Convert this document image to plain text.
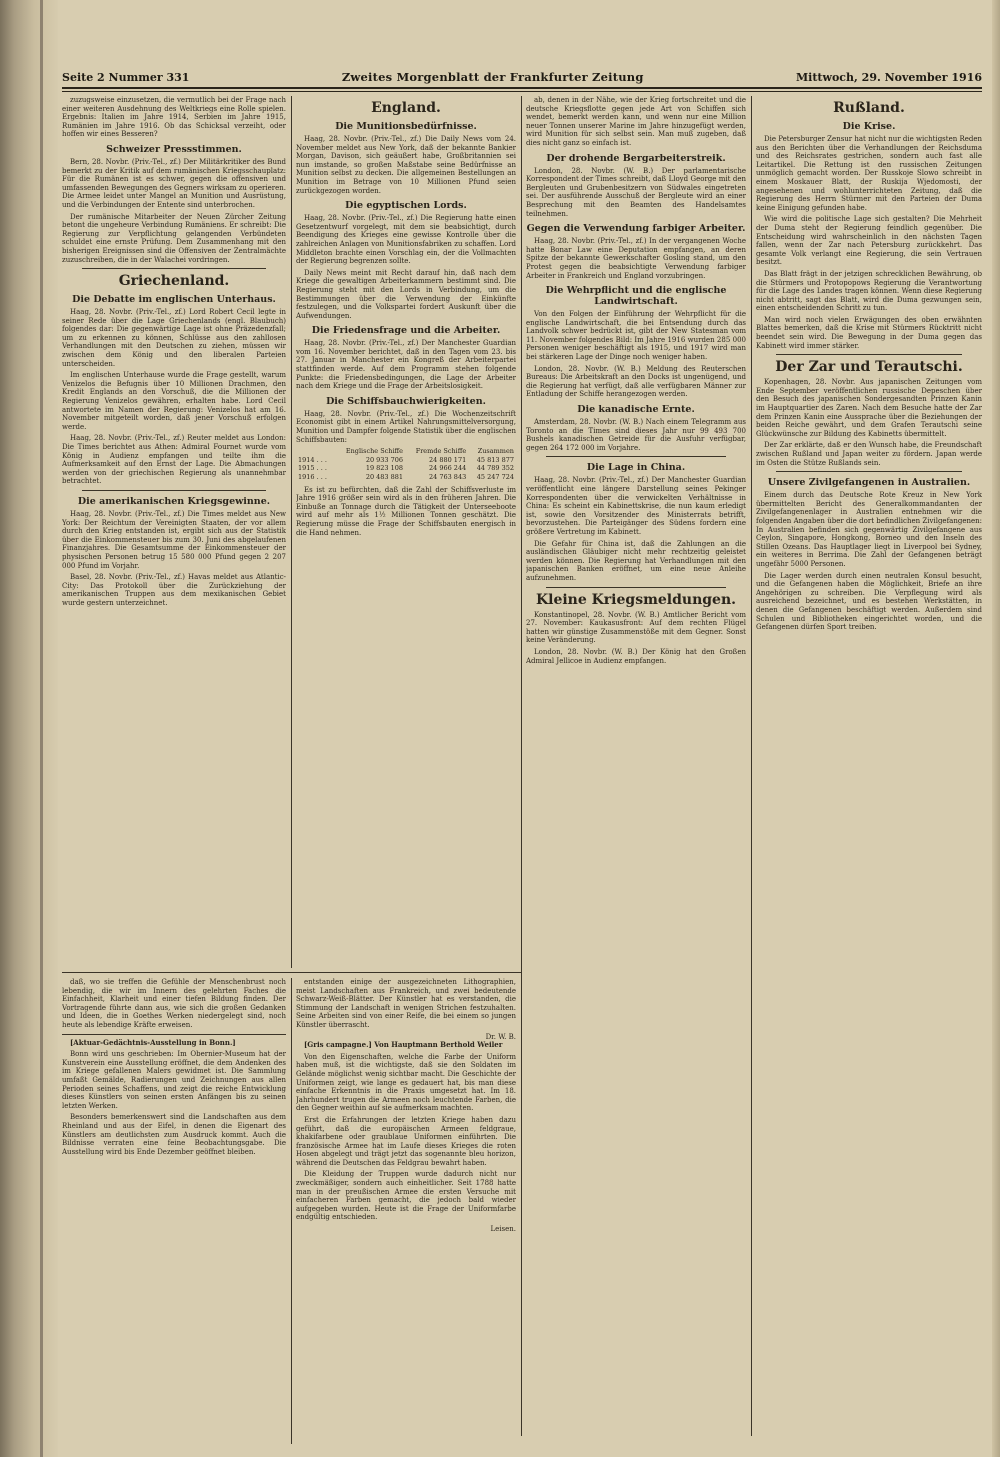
Seite 2 Nummer 331	Zweites Morgenblatt der Frankfurter Zeitung	Mittwoch, 29. November 1916

zuzugsweise einzusetzen, die vermutlich bei der Frage nach einer weiteren Ausdehnung des Weltkriegs eine Rolle spielen. Ergebnis: Italien im Jahre 1914, Serbien im Jahre 1915, Rumänien im Jahre 1916. Ob das Schicksal verzeiht, oder hoffen wir eines Besseren?

Schweizer Pressstimmen.

Bern, 28. Novbr. (Priv.-Tel., zf.) Der Militärkritiker des Bund bemerkt zu der Kritik auf dem rumänischen Kriegsschauplatz: Für die Rumänen ist es schwer, gegen die offensiven und umfassenden Bewegungen des Gegners wirksam zu operieren. Die Armee leidet unter Mangel an Munition und Ausrüstung, und die Verbindungen der Entente sind unterbrochen.

Der rumänische Mitarbeiter der Neuen Zürcher Zeitung betont die ungeheure Verbindung Rumäniens. Er schreibt: Die Regierung zur Verpflichtung gelangenden Verbündeten schuldet eine ernste Prüfung. Dem Zusammenhang mit den bisherigen Ereignissen sind die Offensiven der Zentralmächte zuzuschreiben, die in der Walachei vordringen.

Griechenland.
Die Debatte im englischen Unterhaus.

Haag, 28. Novbr. (Priv.-Tel., zf.) Lord Robert Cecil legte in seiner Rede über die Lage Griechenlands (engl. Blaubuch) folgendes dar: Die gegenwärtige Lage ist ohne Präzedenzfall; um zu erkennen zu können, Schlüsse aus den zahllosen Verhandlungen mit den Deutschen zu ziehen, müssen wir zwischen dem König und den liberalen Parteien unterscheiden.

Im englischen Unterhause wurde die Frage gestellt, warum Venizelos die Befugnis über 10 Millionen Drachmen, den Kredit Englands an den Vorschuß, die die Millionen der Regierung Venizelos gewähren, erhalten habe. Lord Cecil antwortete im Namen der Regierung: Venizelos hat am 16. November mitgeteilt worden, daß jener Vorschuß erfolgen werde.

Haag, 28. Novbr. (Priv.-Tel., zf.) Reuter meldet aus London: Die Times berichtet aus Athen: Admiral Fournet wurde vom König in Audienz empfangen und teilte ihm die Aufmerksamkeit auf den Ernst der Lage. Die Abmachungen werden von der griechischen Regierung als unannehmbar betrachtet.

Die amerikanischen Kriegsgewinne.

Haag, 28. Novbr. (Priv.-Tel., zf.) Die Times meldet aus New York: Der Reichtum der Vereinigten Staaten, der vor allem durch den Krieg entstanden ist, ergibt sich aus der Statistik über die Einkommensteuer bis zum 30. Juni des abgelaufenen Finanzjahres. Die Gesamtsumme der Einkommensteuer der physischen Personen betrug 15 580 000 Pfund gegen 2 207 000 Pfund im Vorjahr.

Basel, 28. Novbr. (Priv.-Tel., zf.) Havas meldet aus Atlantic-City: Das Protokoll über die Zurückziehung der amerikanischen Truppen aus dem mexikanischen Gebiet wurde gestern unterzeichnet.

England.
Die Munitionsbedürfnisse.

Haag, 28. Novbr. (Priv.-Tel., zf.) Die Daily News vom 24. November meldet aus New York, daß der bekannte Bankier Morgan, Davison, sich geäußert habe, Großbritannien sei nun imstande, so großen Maßstabe seine Bedürfnisse an Munition selbst zu decken. Die allgemeinen Bestellungen an Munition im Betrage von 10 Millionen Pfund seien zurückgezogen worden.

Die egyptischen Lords.

Haag, 28. Novbr. (Priv.-Tel., zf.) Die Regierung hatte einen Gesetzentwurf vorgelegt, mit dem sie beabsichtigt, durch Beendigung des Krieges eine gewisse Kontrolle über die zahlreichen Anlagen von Munitionsfabriken zu schaffen. Lord Middleton brachte einen Vorschlag ein, der die Vollmachten der Regierung begrenzen sollte.

Daily News meint mit Recht darauf hin, daß nach dem Kriege die gewaltigen Arbeiterkammern bestimmt sind. Die Regierung steht mit den Lords in Verbindung, um die Bestimmungen über die Verwendung der Einkünfte festzulegen, und die Volkspartei fordert Auskunft über die Aufwendungen.

Die Friedensfrage und die Arbeiter.

Haag, 28. Novbr. (Priv.-Tel., zf.) Der Manchester Guardian vom 16. November berichtet, daß in den Tagen vom 23. bis 27. Januar in Manchester ein Kongreß der Arbeiterpartei stattfinden werde. Auf dem Programm stehen folgende Punkte: die Friedensbedingungen, die Lage der Arbeiter nach dem Kriege und die Frage der Arbeitslosigkeit.

Die Schiffsbauchwierigkeiten.

Haag, 28. Novbr. (Priv.-Tel., zf.) Die Wochenzeitschrift Economist gibt in einem Artikel Nahrungsmittelversorgung, Munition und Dampfer folgende Statistik über die englischen Schiffsbauten:

	Englische Schiffe	Fremde Schiffe	Zusammen
1914 . . .	20 933 706	24 880 171	45 813 877
1915 . . .	19 823 108	24 966 244	44 789 352
1916 . . .	20 483 881	24 763 843	45 247 724

Es ist zu befürchten, daß die Zahl der Schiffsverluste im Jahre 1916 größer sein wird als in den früheren Jahren. Die Einbuße an Tonnage durch die Tätigkeit der Unterseeboote wird auf mehr als 1½ Millionen Tonnen geschätzt. Die Regierung müsse die Frage der Schiffsbauten energisch in die Hand nehmen.

ab, denen in der Nähe, wie der Krieg fortschreitet und die deutsche Kriegsflotte gegen jede Art von Schiffen sich wendet, bemerkt werden kann, und wenn nur eine Million neuer Tonnen unserer Marine im Jahre hinzugefügt werden, wird Munition für sich selbst sein. Man muß zugeben, daß dies nicht ganz so einfach ist.

Der drohende Bergarbeiterstreik.

London, 28. Novbr. (W. B.) Der parlamentarische Korrespondent der Times schreibt, daß Lloyd George mit den Bergleuten und Grubenbesitzern von Südwales eingetreten sei. Der ausführende Ausschuß der Bergleute wird an einer Besprechung mit den Beamten des Handelsamtes teilnehmen.

Gegen die Verwendung farbiger Arbeiter.

Haag, 28. Novbr. (Priv.-Tel., zf.) In der vergangenen Woche hatte Bonar Law eine Deputation empfangen, an deren Spitze der bekannte Gewerkschafter Gosling stand, um den Protest gegen die beabsichtigte Verwendung farbiger Arbeiter in Frankreich und England vorzubringen.

Die Wehrpflicht und die englische Landwirtschaft.

Von den Folgen der Einführung der Wehrpflicht für die englische Landwirtschaft, die bei Entsendung durch das Landvolk schwer bedrückt ist, gibt der New Statesman vom 11. November folgendes Bild: Im Jahre 1916 wurden 285 000 Personen weniger beschäftigt als 1915, und 1917 wird man bei stärkeren Lage der Dinge noch weniger haben.

London, 28. Novbr. (W. B.) Meldung des Reuterschen Bureaus: Die Arbeitskraft an den Docks ist ungenügend, und die Regierung hat verfügt, daß alle verfügbaren Männer zur Entladung der Schiffe herangezogen werden.

Die kanadische Ernte.

Amsterdam, 28. Novbr. (W. B.) Nach einem Telegramm aus Toronto an die Times sind dieses Jahr nur 99 493 700 Bushels kanadischen Getreide für die Ausfuhr verfügbar, gegen 264 172 000 im Vorjahre.

Die Lage in China.

Haag, 28. Novbr. (Priv.-Tel., zf.) Der Manchester Guardian veröffentlicht eine längere Darstellung seines Pekinger Korrespondenten über die verwickelten Verhältnisse in China: Es scheint ein Kabinettskrise, die nun kaum erledigt ist, sowie den Vorsitzender des Ministerrats betrifft, bevorzustehen. Die Parteigänger des Südens fordern eine größere Vertretung im Kabinett.

Die Gefahr für China ist, daß die Zahlungen an die ausländischen Gläubiger nicht mehr rechtzeitig geleistet werden können. Die Regierung hat Verhandlungen mit den japanischen Banken eröffnet, um eine neue Anleihe aufzunehmen.

Kleine Kriegsmeldungen.

Konstantinopel, 28. Novbr. (W. B.) Amtlicher Bericht vom 27. November: Kaukasusfront: Auf dem rechten Flügel hatten wir günstige Zusammenstöße mit dem Gegner. Sonst keine Veränderung.

London, 28. Novbr. (W. B.) Der König hat den Großen Admiral Jellicoe in Audienz empfangen.

Rußland.
Die Krise.

Die Petersburger Zensur hat nicht nur die wichtigsten Reden aus den Berichten über die Verhandlungen der Reichsduma und des Reichsrates gestrichen, sondern auch fast alle Leitartikel. Die Rettung ist den russischen Zeitungen unmöglich gemacht worden. Der Russkoje Slowo schreibt in einem Moskauer Blatt, der Ruskija Wjedomosti, der angesehenen und wohlunterrichteten Zeitung, daß die Regierung des Herrn Stürmer mit den Parteien der Duma keine Einigung gefunden habe.

Wie wird die politische Lage sich gestalten? Die Mehrheit der Duma steht der Regierung feindlich gegenüber. Die Entscheidung wird wahrscheinlich in den nächsten Tagen fallen, wenn der Zar nach Petersburg zurückkehrt. Das gesamte Volk verlangt eine Regierung, die sein Vertrauen besitzt.

Das Blatt frägt in der jetzigen schrecklichen Bewährung, ob die Stürmers und Protopopows Regierung die Verantwortung für die Lage des Landes tragen können. Wenn diese Regierung nicht abtritt, sagt das Blatt, wird die Duma gezwungen sein, einen entscheidenden Schritt zu tun.

Man wird noch vielen Erwägungen des oben erwähnten Blattes bemerken, daß die Krise mit Stürmers Rücktritt nicht beendet sein wird. Die Bewegung in der Duma gegen das Kabinett wird immer stärker.

Der Zar und Terautschi.

Kopenhagen, 28. Novbr. Aus japanischen Zeitungen vom Ende September veröffentlichen russische Depeschen über den Besuch des japanischen Sondergesandten Prinzen Kanin im Hauptquartier des Zaren. Nach dem Besuche hatte der Zar dem Prinzen Kanin eine Aussprache über die Beziehungen der beiden Reiche gewährt, und dem Grafen Terautschi seine Glückwünsche zur Bildung des Kabinetts übermittelt.

Der Zar erklärte, daß er den Wunsch habe, die Freundschaft zwischen Rußland und Japan weiter zu fördern. Japan werde im Osten die Stütze Rußlands sein.

Unsere Zivilgefangenen in Australien.

Einem durch das Deutsche Rote Kreuz in New York übermittelten Bericht des Generalkommandanten der Zivilgefangenenlager in Australien entnehmen wir die folgenden Angaben über die dort befindlichen Zivilgefangenen: In Australien befinden sich gegenwärtig Zivilgefangene aus Ceylon, Singapore, Hongkong, Borneo und den Inseln des Stillen Ozeans. Das Hauptlager liegt in Liverpool bei Sydney, ein weiteres in Berrima. Die Zahl der Gefangenen beträgt ungefähr 5000 Personen.

Die Lager werden durch einen neutralen Konsul besucht, und die Gefangenen haben die Möglichkeit, Briefe an ihre Angehörigen zu schreiben. Die Verpflegung wird als ausreichend bezeichnet, und es bestehen Werkstätten, in denen die Gefangenen beschäftigt werden. Außerdem sind Schulen und Bibliotheken eingerichtet worden, und die Gefangenen dürfen Sport treiben.

daß, wo sie treffen die Gefühle der Menschenbrust noch lebendig, die wir im Innern des gelehrten Faches die Einfachheit, Klarheit und einer tiefen Bildung finden. Der Vortragende führte dann aus, wie sich die großen Gedanken und Ideen, die in Goethes Werken niedergelegt sind, noch heute als lebendige Kräfte erweisen.

[Aktuar-Gedächtnis-Ausstellung in Bonn.]

Bonn wird uns geschrieben: Im Obernier-Museum hat der Kunstverein eine Ausstellung eröffnet, die dem Andenken des im Kriege gefallenen Malers gewidmet ist. Die Sammlung umfaßt Gemälde, Radierungen und Zeichnungen aus allen Perioden seines Schaffens, und zeigt die reiche Entwicklung dieses Künstlers von seinen ersten Anfängen bis zu seinen letzten Werken.

Besonders bemerkenswert sind die Landschaften aus dem Rheinland und aus der Eifel, in denen die Eigenart des Künstlers am deutlichsten zum Ausdruck kommt. Auch die Bildnisse verraten eine feine Beobachtungsgabe. Die Ausstellung wird bis Ende Dezember geöffnet bleiben.

entstanden einige der ausgezeichneten Lithographien, meist Landschaften aus Frankreich, und zwei bedeutende Schwarz-Weiß-Blätter. Der Künstler hat es verstanden, die Stimmung der Landschaft in wenigen Strichen festzuhalten. Seine Arbeiten sind von einer Reife, die bei einem so jungen Künstler überrascht.

Dr. W. B.

[Gris campagne.] Von Hauptmann Berthold Weiler

Von den Eigenschaften, welche die Farbe der Uniform haben muß, ist die wichtigste, daß sie den Soldaten im Gelände möglichst wenig sichtbar macht. Die Geschichte der Uniformen zeigt, wie lange es gedauert hat, bis man diese einfache Erkenntnis in die Praxis umgesetzt hat. Im 18. Jahrhundert trugen die Armeen noch leuchtende Farben, die den Gegner weithin auf sie aufmerksam machten.

Erst die Erfahrungen der letzten Kriege haben dazu geführt, daß die europäischen Armeen feldgraue, khakifarbene oder graublaue Uniformen einführten. Die französische Armee hat im Laufe dieses Krieges die roten Hosen abgelegt und trägt jetzt das sogenannte bleu horizon, während die Deutschen das Feldgrau bewahrt haben.

Die Kleidung der Truppen wurde dadurch nicht nur zweckmäßiger, sondern auch einheitlicher. Seit 1788 hatte man in der preußischen Armee die ersten Versuche mit einfacheren Farben gemacht, die jedoch bald wieder aufgegeben wurden. Heute ist die Frage der Uniformfarbe endgültig entschieden.

Leisen.
